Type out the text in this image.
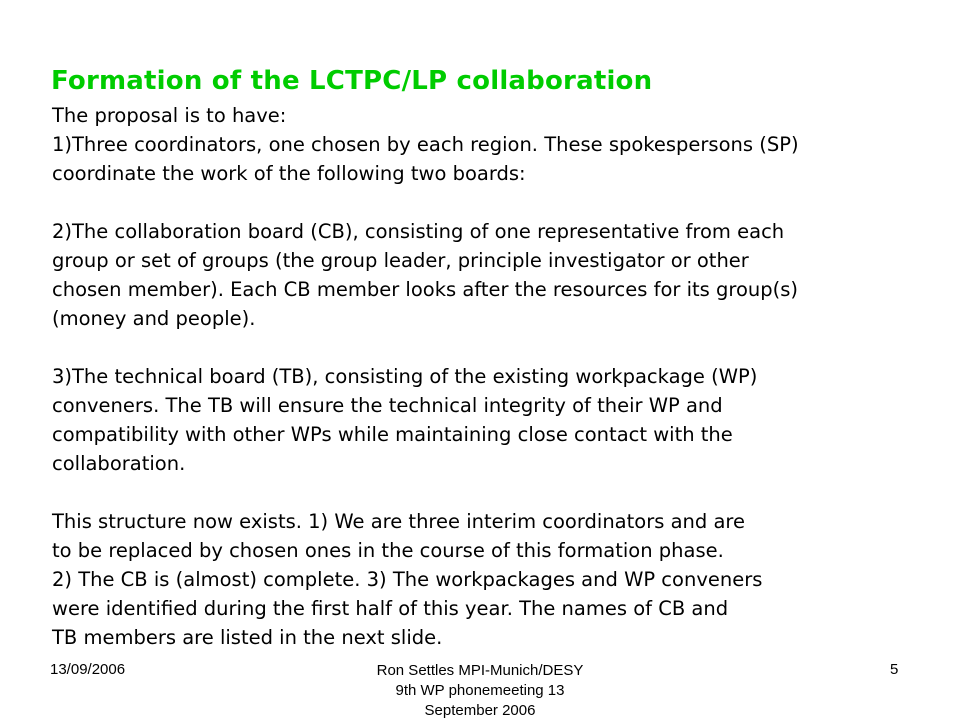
Formation of the LCTPC/LP collaboration
The proposal is to have:
1)Three coordinators, one chosen by each region. These spokespersons (SP)
coordinate the work of the following two boards:
2)The collaboration board (CB), consisting of one representative from each
group or set of groups (the group leader, principle investigator or other
chosen member). Each CB member looks after the resources for its group(s)
(money and people).
3)The technical board (TB), consisting of the existing workpackage (WP)
conveners. The TB will ensure the technical integrity of their WP and
compatibility with other WPs while maintaining close contact with the
collaboration.
This structure now exists. 1) We are three interim coordinators and are
to be replaced by chosen ones in the course of this formation phase.
2) The CB is (almost) complete. 3) The workpackages and WP conveners
were identified during the first half of this year. The names of CB and
TB members are listed in the next slide.
13/09/2006	Ron Settles MPI-Munich/DESY
9th WP phonemeeting 13
September 2006
5
